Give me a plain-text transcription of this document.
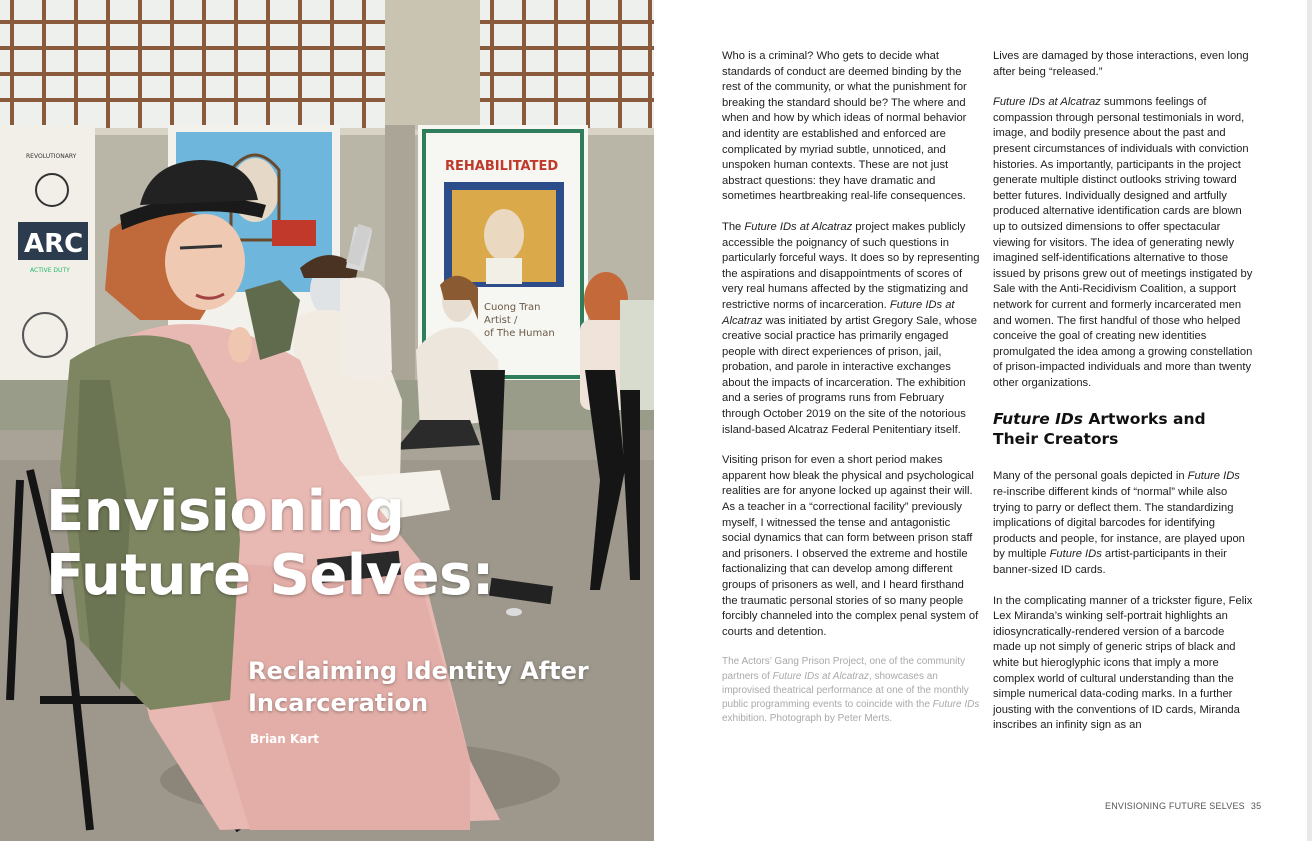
ARC
REVOLUTIONARY
ACTIVE DUTY
REHABILITATED
Cuong Tran
Artist /
of The Human
Envisioning
Future Selves:
Reclaiming Identity After
Incarceration
Brian Kart

Who is a criminal? Who gets to decide what standards of conduct are deemed binding by the rest of the community, or what the punishment for breaking the standard should be? The where and when and how by which ideas of normal behavior and identity are established and enforced are complicated by myriad subtle, unnoticed, and unspoken human contexts. These are not just abstract questions: they have dramatic and sometimes heartbreaking real-life consequences.

The Future IDs at Alcatraz project makes publicly accessible the poignancy of such questions in particularly forceful ways. It does so by representing the aspirations and disappointments of scores of very real humans affected by the stigmatizing and restrictive norms of incarceration. Future IDs at Alcatraz was initiated by artist Gregory Sale, whose creative social practice has primarily engaged people with direct experiences of prison, jail, probation, and parole in interactive exchanges about the impacts of incarceration. The exhibition and a series of programs runs from February through October 2019 on the site of the notorious island-based Alcatraz Federal Penitentiary itself.

Visiting prison for even a short period makes apparent how bleak the physical and psychological realities are for anyone locked up against their will. As a teacher in a “correctional facility” previously myself, I witnessed the tense and antagonistic social dynamics that can form between prison staff and prisoners. I observed the extreme and hostile factionalizing that can develop among different groups of prisoners as well, and I heard firsthand the traumatic personal stories of so many people forcibly channeled into the complex penal system of courts and detention.

The Actors’ Gang Prison Project, one of the community partners of Future IDs at Alcatraz, showcases an improvised theatrical performance at one of the monthly public programming events to coincide with the Future IDs exhibition. Photograph by Peter Merts.

Lives are damaged by those interactions, even long after being “released.”

Future IDs at Alcatraz summons feelings of compassion through personal testimonials in word, image, and bodily presence about the past and present circumstances of individuals with conviction histories. As importantly, participants in the project generate multiple distinct outlooks striving toward better futures. Individually designed and artfully produced alternative identification cards are blown up to outsized dimensions to offer spectacular viewing for visitors. The idea of generating newly imagined self-identifications alternative to those issued by prisons grew out of meetings instigated by Sale with the Anti-Recidivism Coalition, a support network for current and formerly incarcerated men and women. The first handful of those who helped conceive the goal of creating new identities promulgated the idea among a growing constellation of prison-impacted individuals and more than twenty other organizations.

Future IDs Artworks and Their Creators

Many of the personal goals depicted in Future IDs re-inscribe different kinds of “normal” while also trying to parry or deflect them. The standardizing implications of digital barcodes for identifying products and people, for instance, are played upon by multiple Future IDs artist-participants in their banner-sized ID cards.

In the complicating manner of a trickster figure, Felix Lex Miranda’s winking self-portrait highlights an idiosyncratically-rendered version of a barcode made up not simply of generic strips of black and white but hieroglyphic icons that imply a more complex world of cultural understanding than the simple numerical data-coding marks. In a further jousting with the conventions of ID cards, Miranda inscribes an infinity sign as an

ENVISIONING FUTURE SELVES 35
